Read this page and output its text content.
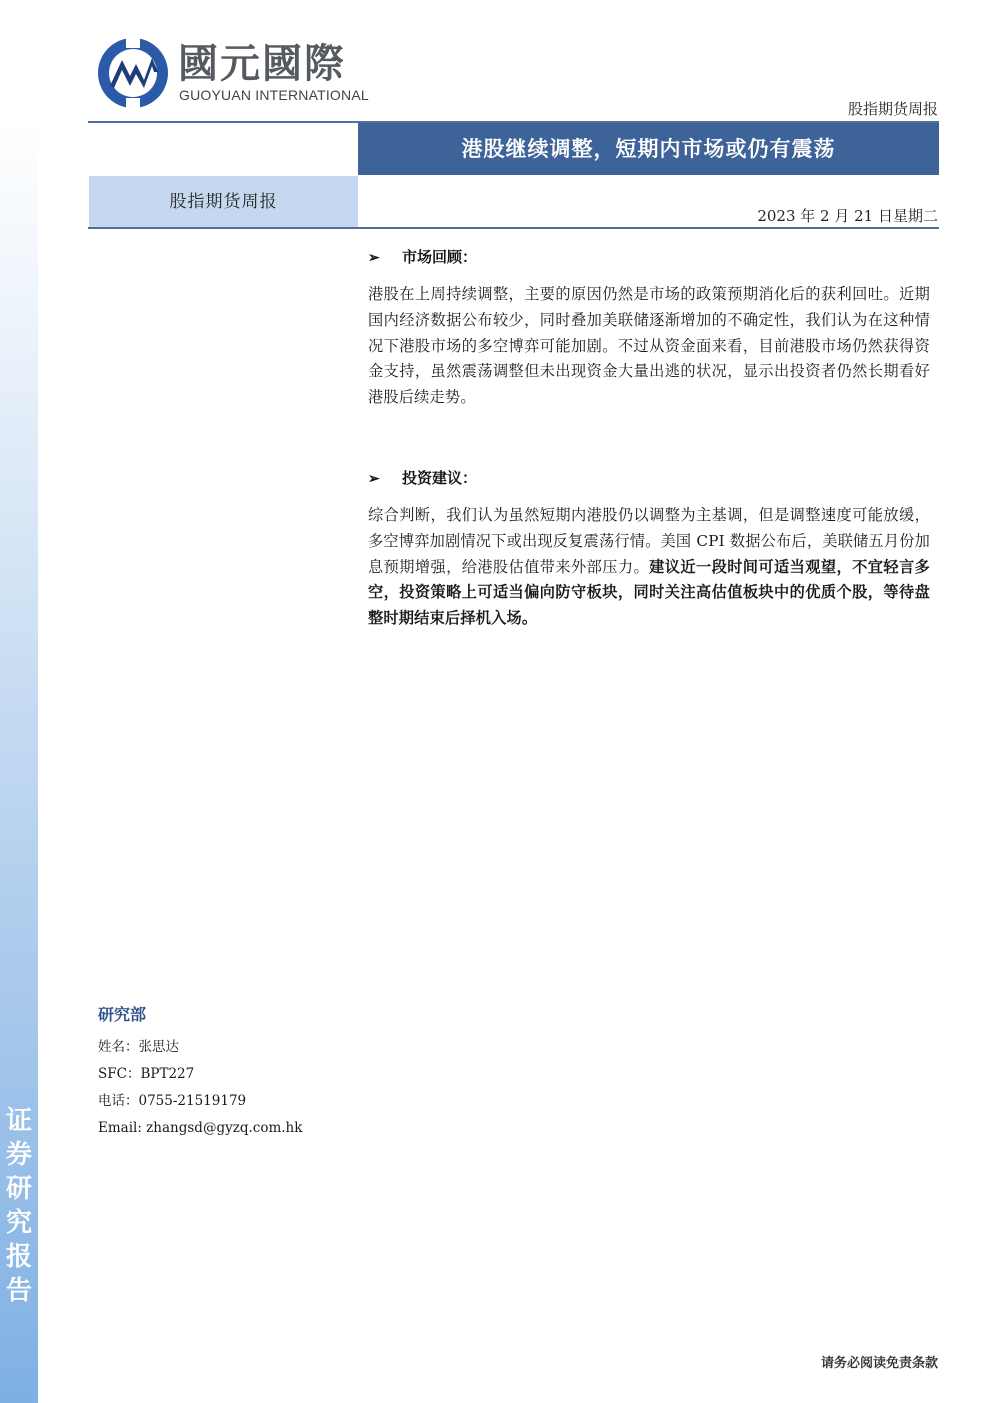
证
券
研
究
报
告
國元國際
GUOYUAN INTERNATIONAL
股指期货周报
港股继续调整，短期内市场或仍有震荡
股指期货周报
2023 年 2 月 21 日星期二
➢ 市场回顾：
港股在上周持续调整，主要的原因仍然是市场的政策预期消化后的获利回吐。近期国内经济数据公布较少，同时叠加美联储逐渐增加的不确定性，我们认为在这种情况下港股市场的多空博弈可能加剧。不过从资金面来看，目前港股市场仍然获得资金支持，虽然震荡调整但未出现资金大量出逃的状况，显示出投资者仍然长期看好港股后续走势。
➢ 投资建议：
综合判断，我们认为虽然短期内港股仍以调整为主基调，但是调整速度可能放缓，多空博弈加剧情况下或出现反复震荡行情。美国 CPI 数据公布后，美联储五月份加息预期增强，给港股估值带来外部压力。建议近一段时间可适当观望，不宜轻言多空，投资策略上可适当偏向防守板块，同时关注高估值板块中的优质个股，等待盘整时期结束后择机入场。
研究部
姓名：张思达
SFC：BPT227
电话：0755-21519179
Email: zhangsd@gyzq.com.hk
请务必阅读免责条款
